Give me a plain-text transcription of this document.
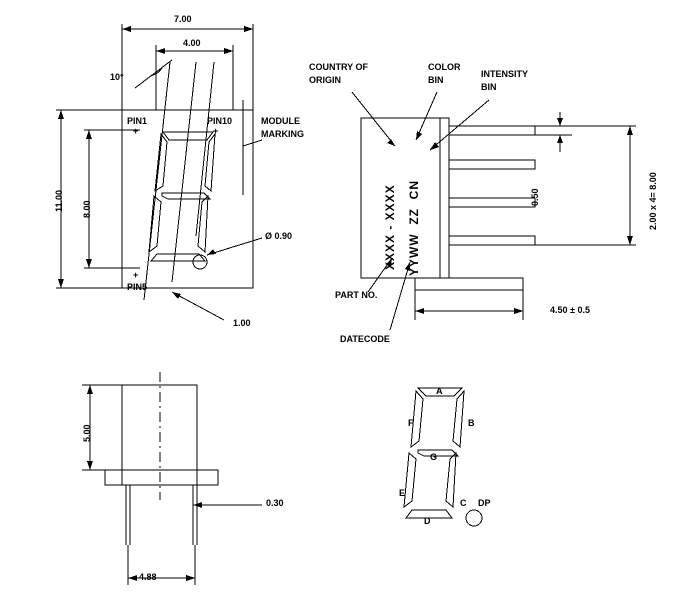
7.00
4.00
11.00 8.00
10°
Ø 0.90
1.00
PIN1	PIN10
PIN5
+	+
+
MODULE
MARKING
COUNTRY OF
ORIGIN
COLOR
BIN
INTENSITY
BIN
PART NO.
DATECODE
XXXX - XXXX YYWW  ZZ  CN	0.50	2.00 x 4= 8.00
4.50 ± 0.5
5.00
0.30
4.88
A
B
C
D
E
F
G
DP
